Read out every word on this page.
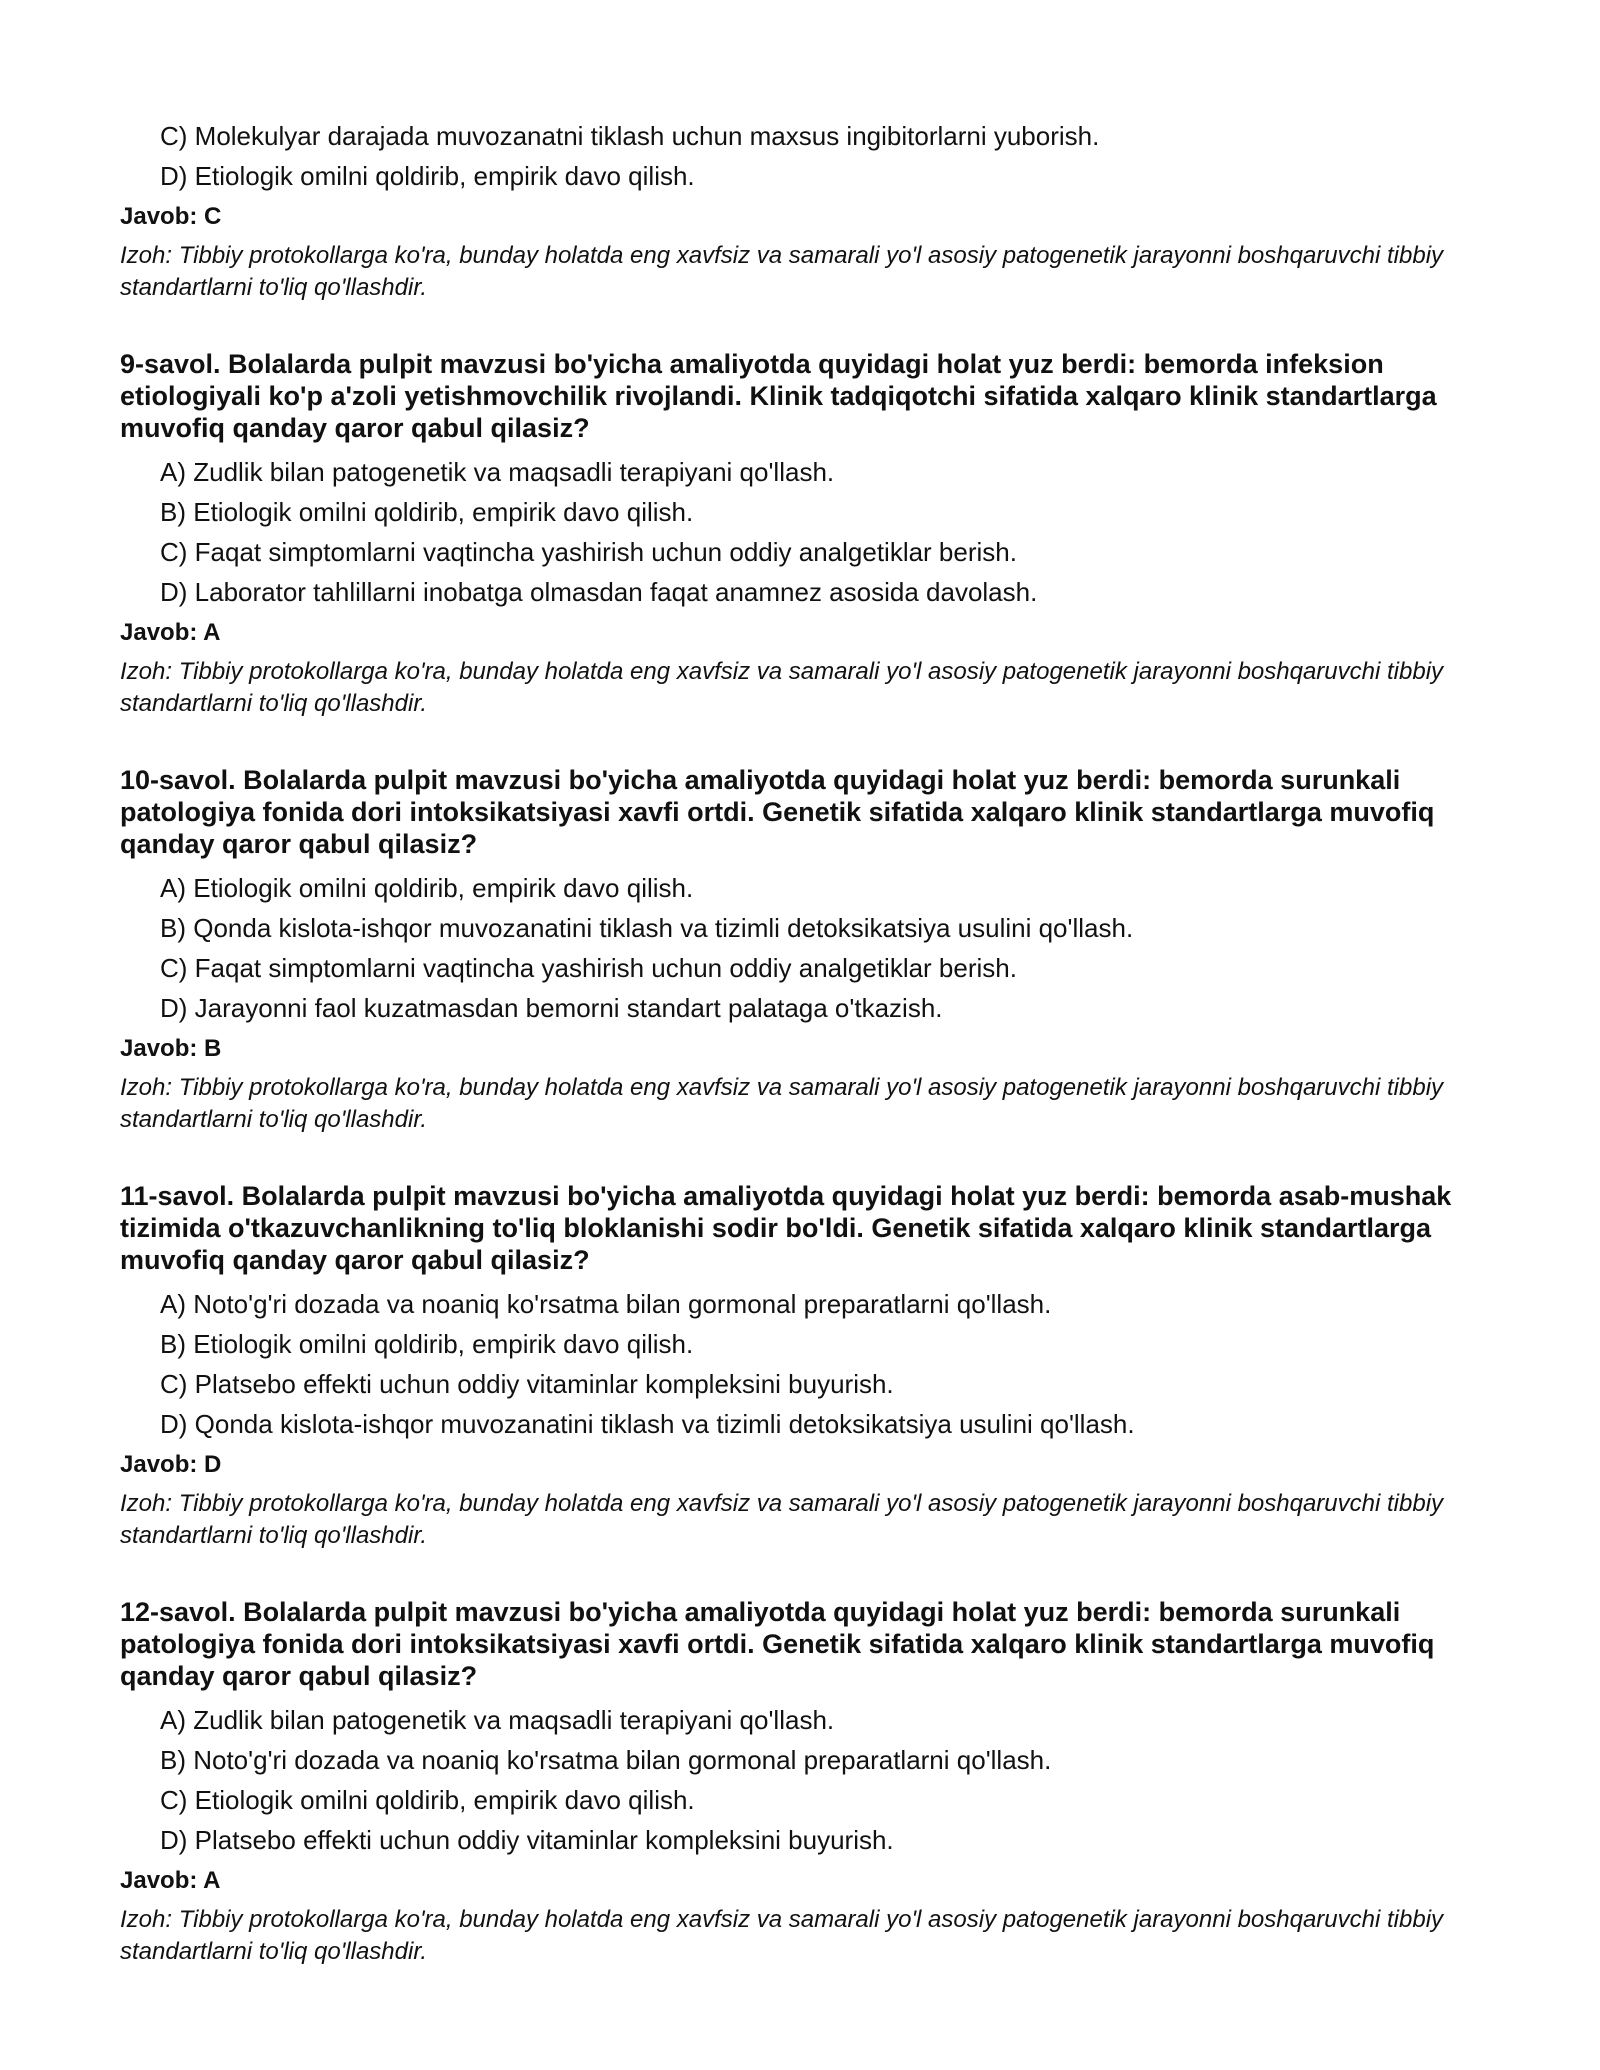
C) Molekulyar darajada muvozanatni tiklash uchun maxsus ingibitorlarni yuborish.

D) Etiologik omilni qoldirib, empirik davo qilish.

Javob: C

Izoh: Tibbiy protokollarga ko'ra, bunday holatda eng xavfsiz va samarali yo'l asosiy patogenetik jarayonni boshqaruvchi tibbiy standartlarni to'liq qo'llashdir.

9-savol. Bolalarda pulpit mavzusi bo'yicha amaliyotda quyidagi holat yuz berdi: bemorda infeksion etiologiyali ko'p a'zoli yetishmovchilik rivojlandi. Klinik tadqiqotchi sifatida xalqaro klinik standartlarga muvofiq qanday qaror qabul qilasiz?

A) Zudlik bilan patogenetik va maqsadli terapiyani qo'llash.

B) Etiologik omilni qoldirib, empirik davo qilish.

C) Faqat simptomlarni vaqtincha yashirish uchun oddiy analgetiklar berish.

D) Laborator tahlillarni inobatga olmasdan faqat anamnez asosida davolash.

Javob: A

Izoh: Tibbiy protokollarga ko'ra, bunday holatda eng xavfsiz va samarali yo'l asosiy patogenetik jarayonni boshqaruvchi tibbiy standartlarni to'liq qo'llashdir.

10-savol. Bolalarda pulpit mavzusi bo'yicha amaliyotda quyidagi holat yuz berdi: bemorda surunkali patologiya fonida dori intoksikatsiyasi xavfi ortdi. Genetik sifatida xalqaro klinik standartlarga muvofiq qanday qaror qabul qilasiz?

A) Etiologik omilni qoldirib, empirik davo qilish.

B) Qonda kislota-ishqor muvozanatini tiklash va tizimli detoksikatsiya usulini qo'llash.

C) Faqat simptomlarni vaqtincha yashirish uchun oddiy analgetiklar berish.

D) Jarayonni faol kuzatmasdan bemorni standart palataga o'tkazish.

Javob: B

Izoh: Tibbiy protokollarga ko'ra, bunday holatda eng xavfsiz va samarali yo'l asosiy patogenetik jarayonni boshqaruvchi tibbiy standartlarni to'liq qo'llashdir.

11-savol. Bolalarda pulpit mavzusi bo'yicha amaliyotda quyidagi holat yuz berdi: bemorda asab-mushak tizimida o'tkazuvchanlikning to'liq bloklanishi sodir bo'ldi. Genetik sifatida xalqaro klinik standartlarga muvofiq qanday qaror qabul qilasiz?

A) Noto'g'ri dozada va noaniq ko'rsatma bilan gormonal preparatlarni qo'llash.

B) Etiologik omilni qoldirib, empirik davo qilish.

C) Platsebo effekti uchun oddiy vitaminlar kompleksini buyurish.

D) Qonda kislota-ishqor muvozanatini tiklash va tizimli detoksikatsiya usulini qo'llash.

Javob: D

Izoh: Tibbiy protokollarga ko'ra, bunday holatda eng xavfsiz va samarali yo'l asosiy patogenetik jarayonni boshqaruvchi tibbiy standartlarni to'liq qo'llashdir.

12-savol. Bolalarda pulpit mavzusi bo'yicha amaliyotda quyidagi holat yuz berdi: bemorda surunkali patologiya fonida dori intoksikatsiyasi xavfi ortdi. Genetik sifatida xalqaro klinik standartlarga muvofiq qanday qaror qabul qilasiz?

A) Zudlik bilan patogenetik va maqsadli terapiyani qo'llash.

B) Noto'g'ri dozada va noaniq ko'rsatma bilan gormonal preparatlarni qo'llash.

C) Etiologik omilni qoldirib, empirik davo qilish.

D) Platsebo effekti uchun oddiy vitaminlar kompleksini buyurish.

Javob: A

Izoh: Tibbiy protokollarga ko'ra, bunday holatda eng xavfsiz va samarali yo'l asosiy patogenetik jarayonni boshqaruvchi tibbiy standartlarni to'liq qo'llashdir.
